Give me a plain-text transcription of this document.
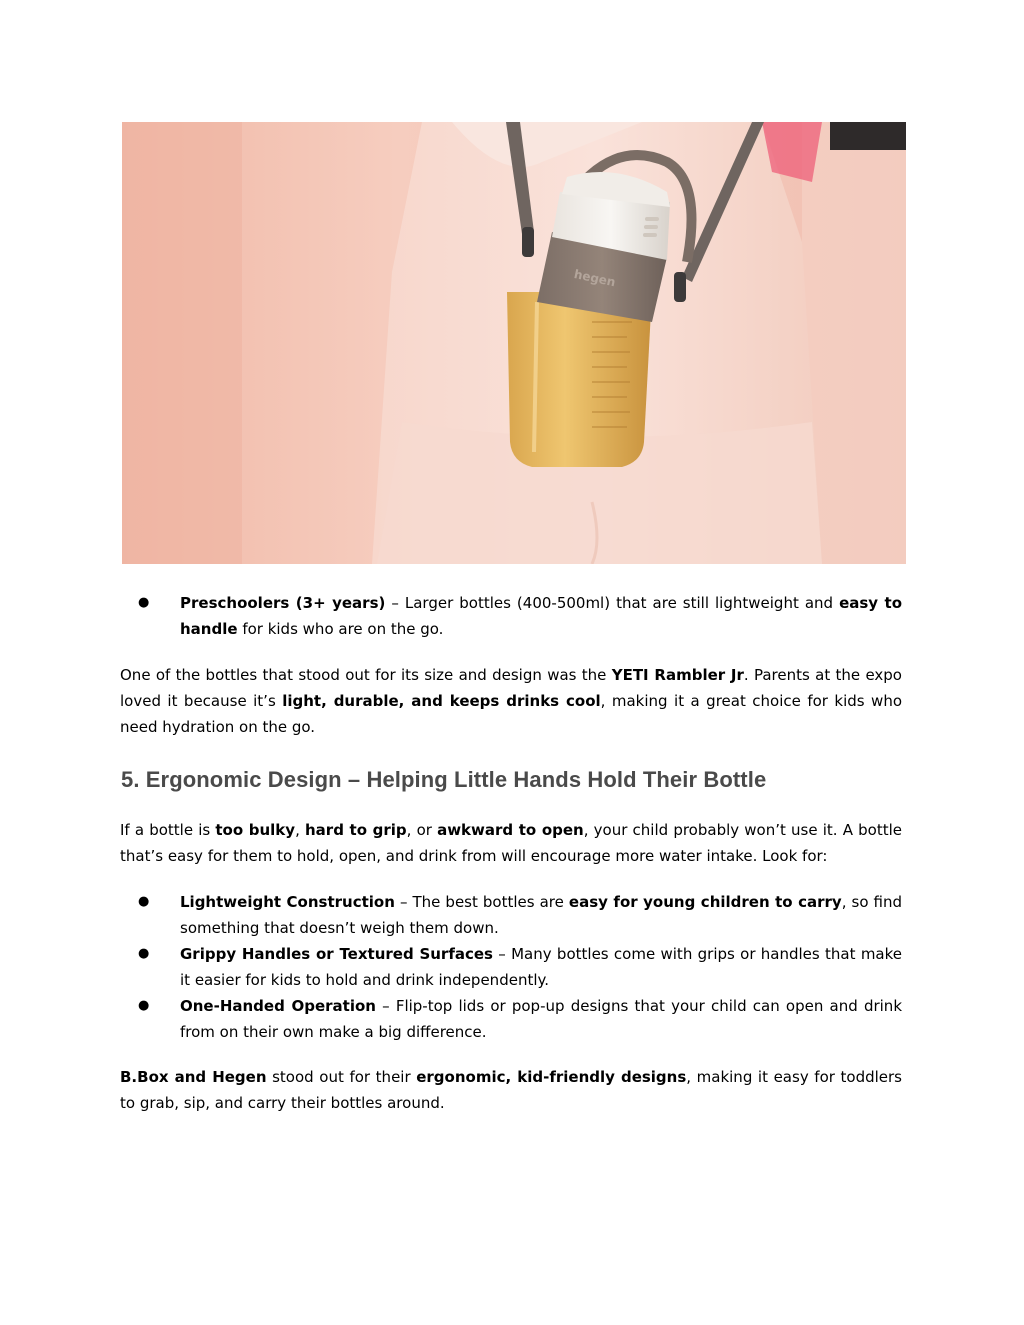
hegen
● Preschoolers (3+ years) – Larger bottles (400-500ml) that are still lightweight and easy to handle for kids who are on the go.

One of the bottles that stood out for its size and design was the YETI Rambler Jr. Parents at the expo loved it because it’s light, durable, and keeps drinks cool, making it a great choice for kids who need hydration on the go.

5. Ergonomic Design – Helping Little Hands Hold Their Bottle

If a bottle is too bulky, hard to grip, or awkward to open, your child probably won’t use it. A bottle that’s easy for them to hold, open, and drink from will encourage more water intake. Look for:

● Lightweight Construction – The best bottles are easy for young children to carry, so find something that doesn’t weigh them down.
● Grippy Handles or Textured Surfaces – Many bottles come with grips or handles that make it easier for kids to hold and drink independently.
● One-Handed Operation – Flip-top lids or pop-up designs that your child can open and drink from on their own make a big difference.

B.Box and Hegen stood out for their ergonomic, kid-friendly designs, making it easy for toddlers to grab, sip, and carry their bottles around.
